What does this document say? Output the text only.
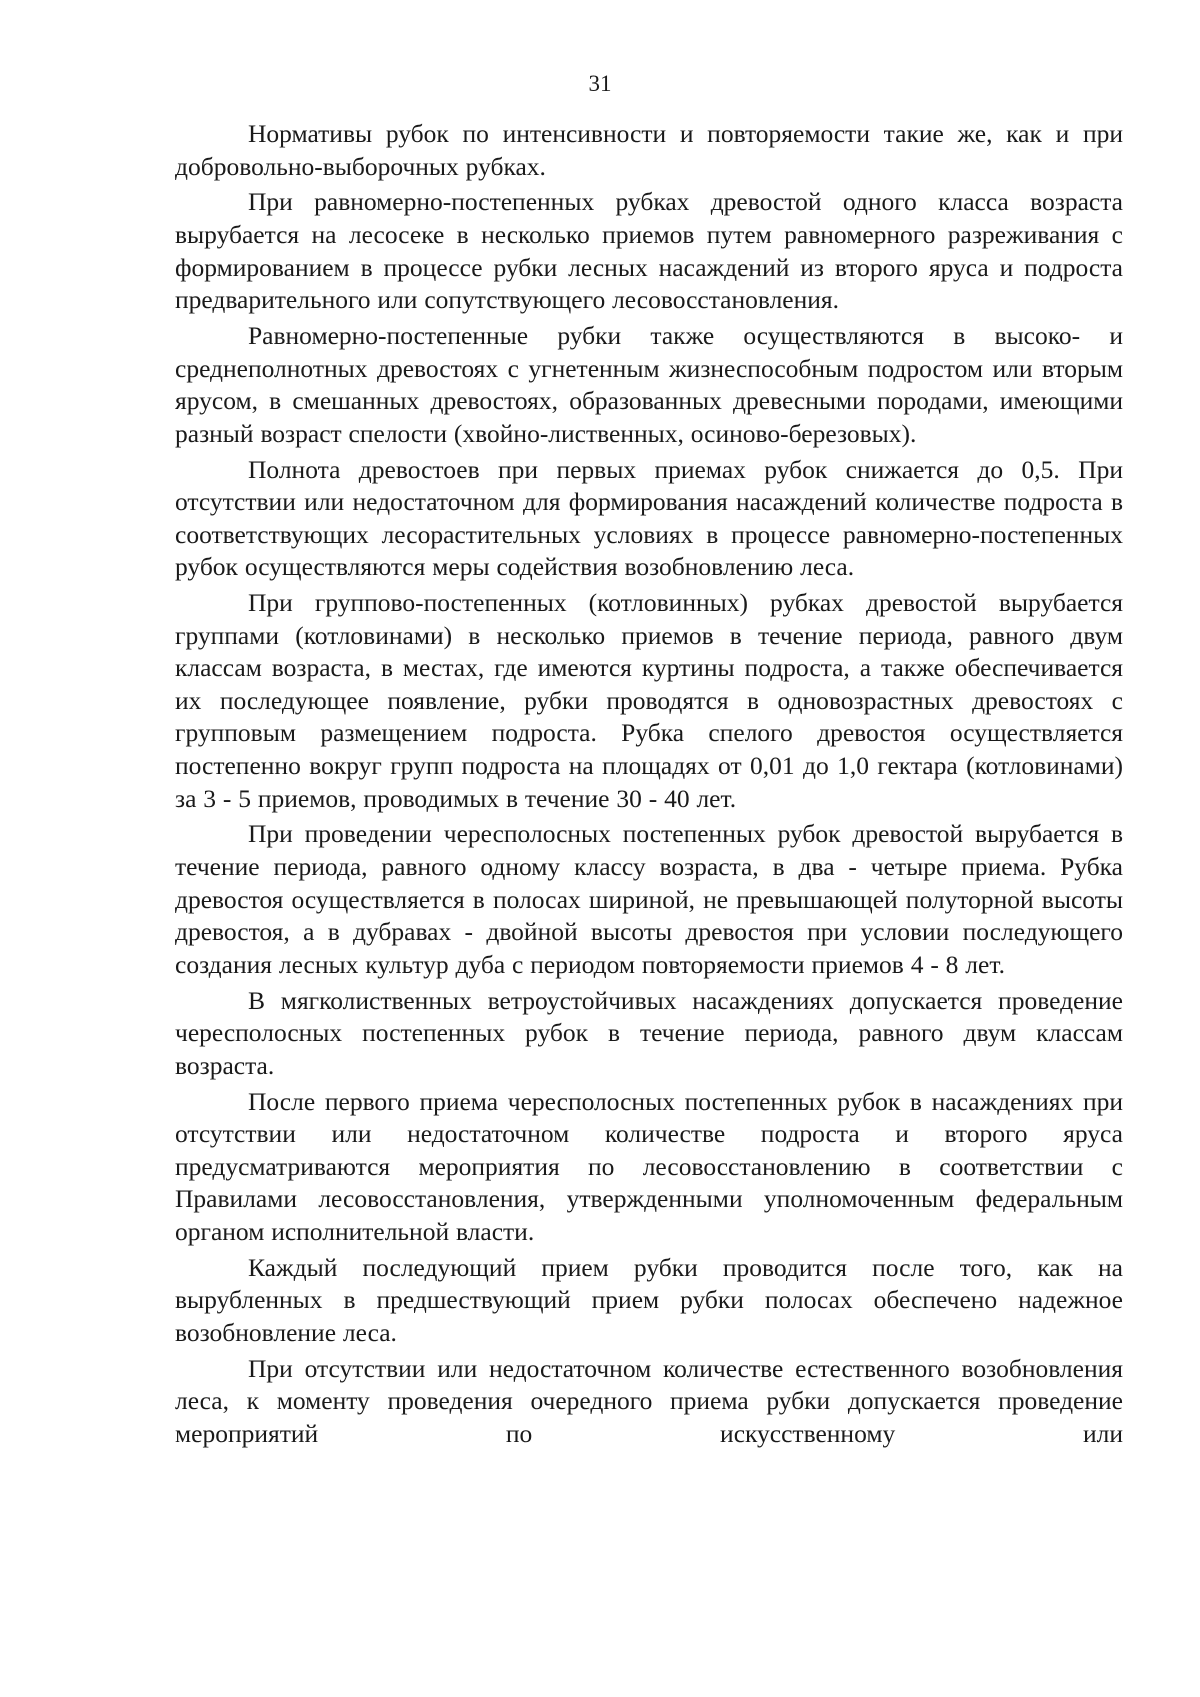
31

Нормативы рубок по интенсивности и повторяемости такие же, как и при добровольно-выборочных рубках.

При равномерно-постепенных рубках древостой одного класса возраста вырубается на лесосеке в несколько приемов путем равномерного разреживания с формированием в процессе рубки лесных насаждений из второго яруса и подроста предварительного или сопутствующего лесовосстановления.

Равномерно-постепенные рубки также осуществляются в высоко- и среднеполнотных древостоях с угнетенным жизнеспособным подростом или вторым ярусом, в смешанных древостоях, образованных древесными породами, имеющими разный возраст спелости (хвойно-лиственных, осиново-березовых).

Полнота древостоев при первых приемах рубок снижается до 0,5. При отсутствии или недостаточном для формирования насаждений количестве подроста в соответствующих лесорастительных условиях в процессе равномерно-постепенных рубок осуществляются меры содействия возобновлению леса.

При группово-постепенных (котловинных) рубках древостой вырубается группами (котловинами) в несколько приемов в течение периода, равного двум классам возраста, в местах, где имеются куртины подроста, а также обеспечивается их последующее появление, рубки проводятся в одновозрастных древостоях с групповым размещением подроста. Рубка спелого древостоя осуществляется постепенно вокруг групп подроста на площадях от 0,01 до 1,0 гектара (котловинами) за 3 - 5 приемов, проводимых в течение 30 - 40 лет.

При проведении чересполосных постепенных рубок древостой вырубается в течение периода, равного одному классу возраста, в два - четыре приема. Рубка древостоя осуществляется в полосах шириной, не превышающей полуторной высоты древостоя, а в дубравах - двойной высоты древостоя при условии последующего создания лесных культур дуба с периодом повторяемости приемов 4 - 8 лет.

В мягколиственных ветроустойчивых насаждениях допускается проведение чересполосных постепенных рубок в течение периода, равного двум классам возраста.

После первого приема чересполосных постепенных рубок в насаждениях при отсутствии или недостаточном количестве подроста и второго яруса предусматриваются мероприятия по лесовосстановлению в соответствии с Правилами лесовосстановления, утвержденными уполномоченным федеральным органом исполнительной власти.

Каждый последующий прием рубки проводится после того, как на вырубленных в предшествующий прием рубки полосах обеспечено надежное возобновление леса.

При отсутствии или недостаточном количестве естественного возобновления леса, к моменту проведения очередного приема рубки допускается проведение мероприятий по искусственному или
